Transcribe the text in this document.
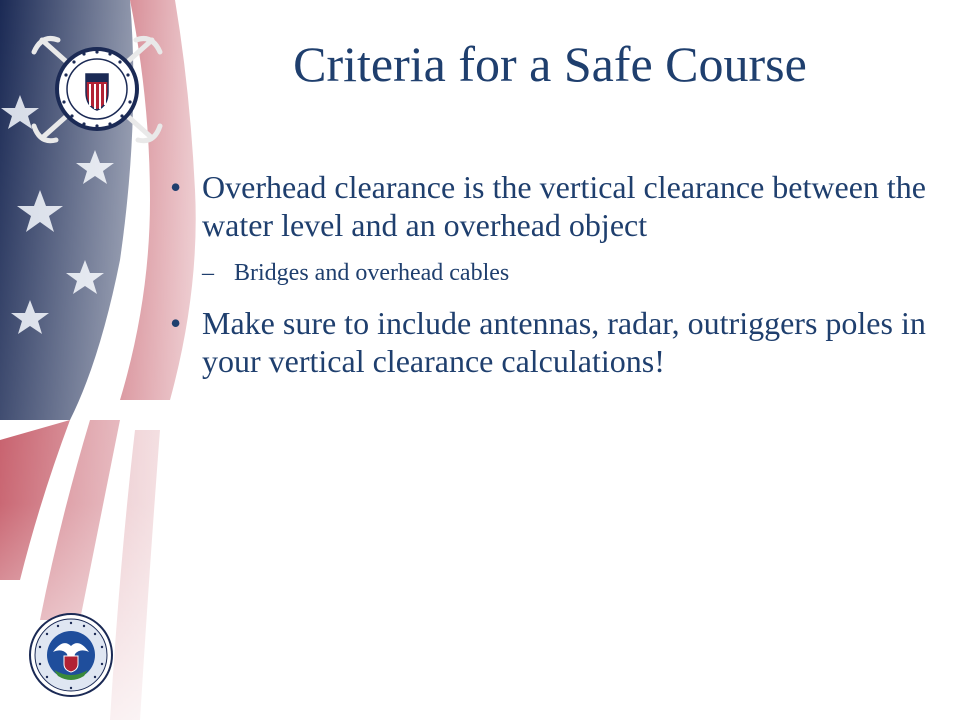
Criteria for a Safe Course

• Overhead clearance is the vertical clearance between the water level and an overhead object

– Bridges and overhead cables

• Make sure to include antennas, radar, outriggers poles in your vertical clearance calculations!
